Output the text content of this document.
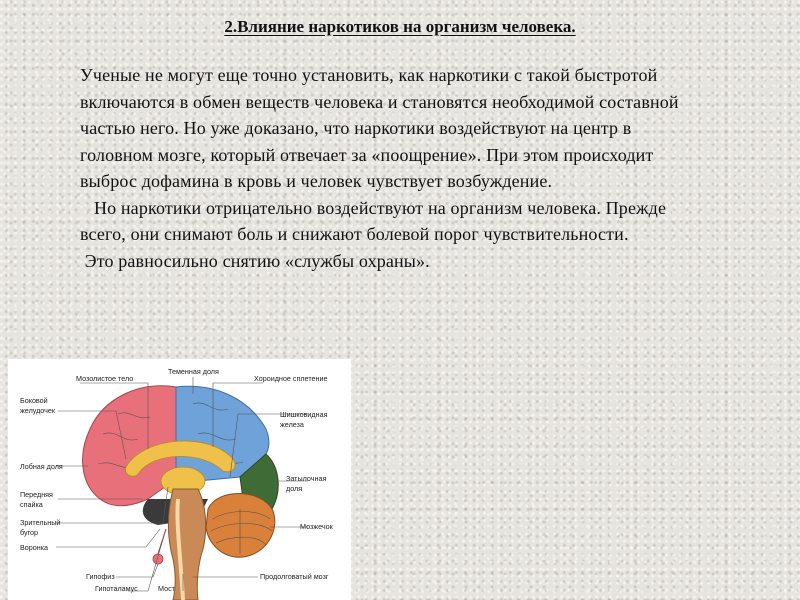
2.Влияние наркотиков на организм человека.

Ученые не могут еще точно установить, как наркотики с такой быстротой включаются в обмен веществ человека и становятся необходимой составной частью него. Но уже доказано, что наркотики воздействуют на центр в головном мозге, который отвечает за «поощрение». При этом происходит выброс дофамина в кровь и человек чувствует возбуждение.

Но наркотики отрицательно воздействуют на организм человека. Прежде всего, они снимают боль и снижают болевой порог чувствительности.

Это равносильно снятию «службы охраны».

Мозолистое тело
Теменная доля
Хороидное сплетение
Боковой
желудочек	Шишковидная
железа
Лобная доля
Затылочная
доля
Передняя
спайка
Зрительный
бугор
Мозжечок
Воронка
Гипофиз
Гипоталамус	Мост
Продолговатый мозг
